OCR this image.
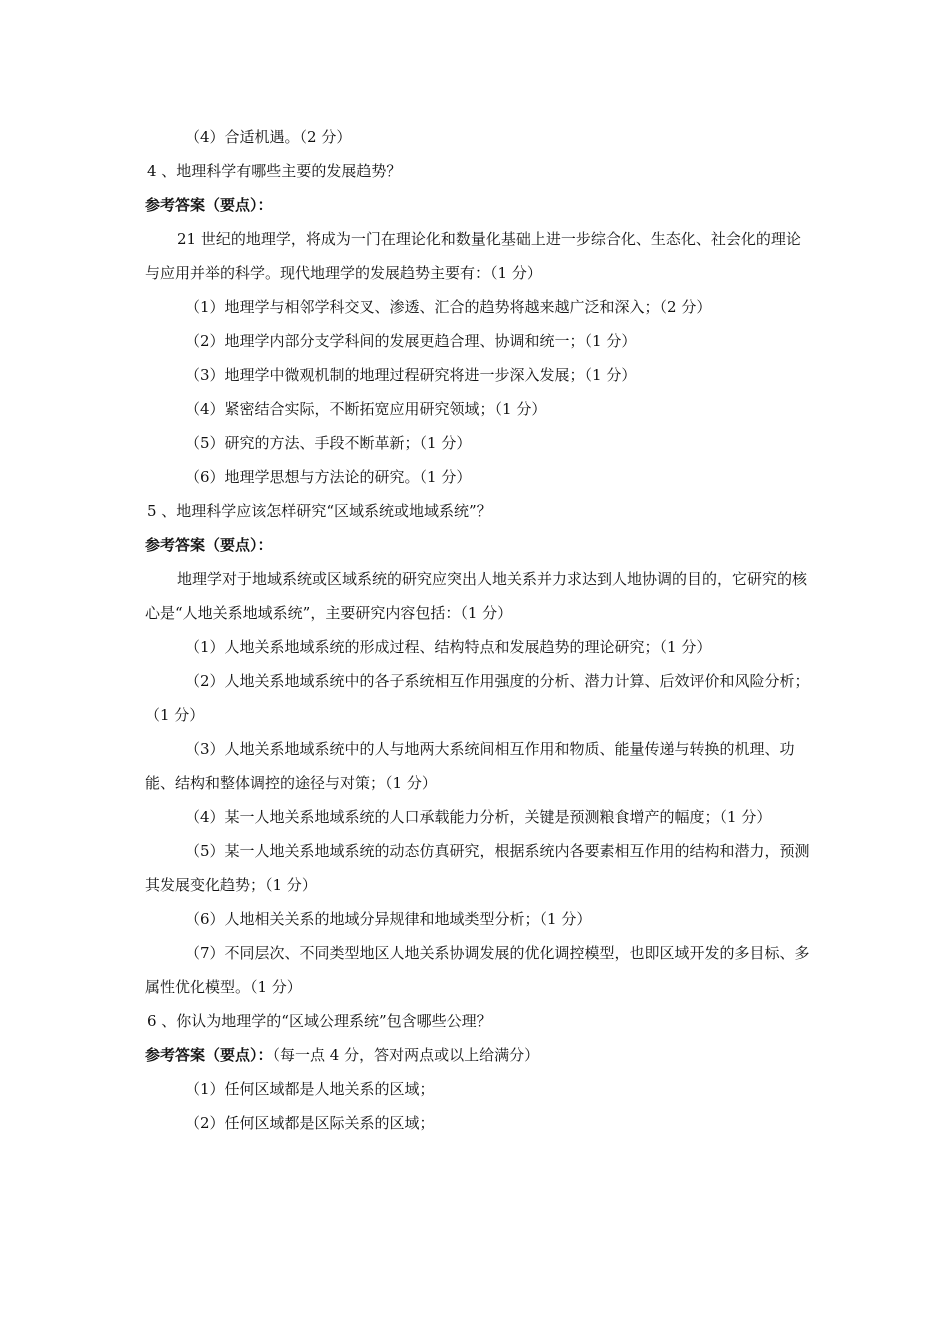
（4）合适机遇。（2 分）

4 、地理科学有哪些主要的发展趋势？

参考答案（要点）：

21 世纪的地理学，将成为一门在理论化和数量化基础上进一步综合化、生态化、社会化的理论与应用并举的科学。现代地理学的发展趋势主要有：（1 分）

（1）地理学与相邻学科交叉、渗透、汇合的趋势将越来越广泛和深入；（2 分）

（2）地理学内部分支学科间的发展更趋合理、协调和统一；（1 分）

（3）地理学中微观机制的地理过程研究将进一步深入发展；（1 分）

（4）紧密结合实际，不断拓宽应用研究领域；（1 分）

（5）研究的方法、手段不断革新；（1 分）

（6）地理学思想与方法论的研究。（1 分）

5 、地理科学应该怎样研究“区域系统或地域系统”？

参考答案（要点）：

地理学对于地域系统或区域系统的研究应突出人地关系并力求达到人地协调的目的，它研究的核心是“人地关系地域系统”，主要研究内容包括：（1 分）

（1）人地关系地域系统的形成过程、结构特点和发展趋势的理论研究；（1 分）

（2）人地关系地域系统中的各子系统相互作用强度的分析、潜力计算、后效评价和风险分析；（1 分）

（3）人地关系地域系统中的人与地两大系统间相互作用和物质、能量传递与转换的机理、功能、结构和整体调控的途径与对策；（1 分）

（4）某一人地关系地域系统的人口承载能力分析，关键是预测粮食增产的幅度；（1 分）

（5）某一人地关系地域系统的动态仿真研究，根据系统内各要素相互作用的结构和潜力，预测其发展变化趋势；（1 分）

（6）人地相关关系的地域分异规律和地域类型分析；（1 分）

（7）不同层次、不同类型地区人地关系协调发展的优化调控模型，也即区域开发的多目标、多属性优化模型。（1 分）

6 、你认为地理学的“区域公理系统”包含哪些公理？

参考答案（要点）：（每一点 4 分，答对两点或以上给满分）

（1）任何区域都是人地关系的区域；

（2）任何区域都是区际关系的区域；
